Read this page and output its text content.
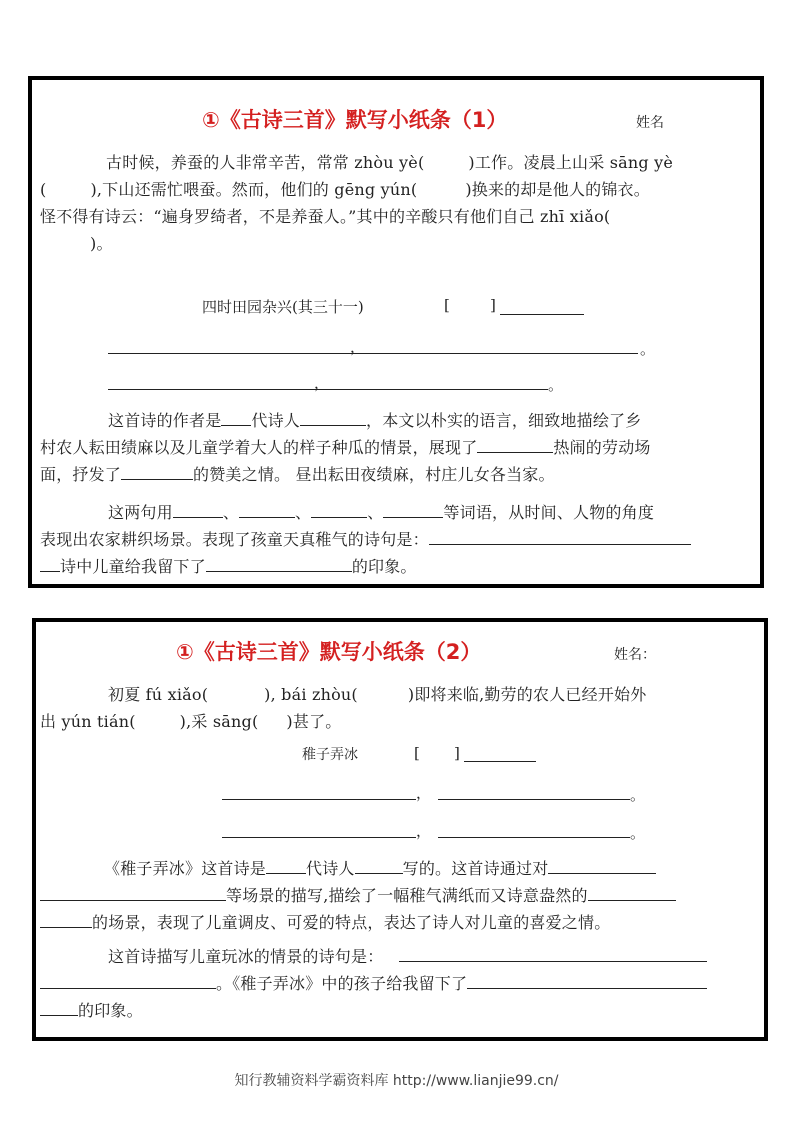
①《古诗三首》默写小纸条（1）	姓名
古时候，养蚕的人非常辛苦，常常 zhòu yè(	)工作。凌晨上山采 sāng yè
(	),下山还需忙喂蚕。然而，他们的 gēng yún(	)换来的却是他人的锦衣。
怪不得有诗云：“遍身罗绮者，不是养蚕人。”其中的辛酸只有他们自己 zhī xiǎo(
)。
四时田园杂兴(其三十一)	[	]
，	。
，	。
这首诗的作者是 代诗人	，本文以朴实的语言，细致地描绘了乡
村农人耘田绩麻以及儿童学着大人的样子种瓜的情景，展现了	热闹的劳动场
面，抒发了	的赞美之情。 昼出耘田夜绩麻，村庄儿女各当家。
这两句用	、	、	、	等词语，从时间、人物的角度
表现出农家耕织场景。表现了孩童天真稚气的诗句是：
诗中儿童给我留下了	的印象。
①《古诗三首》默写小纸条（2）	姓名：
初夏 fú xiǎo(	), bái zhòu(	)即将来临,勤劳的农人已经开始外
出 yún tián(	),采 sāng( )甚了。
稚子弄冰	[ ]
，	。
，	。
《稚子弄冰》这首诗是	代诗人	写的。这首诗通过对
等场景的描写,描绘了一幅稚气满纸而又诗意盎然的
的场景，表现了儿童调皮、可爱的特点，表达了诗人对儿童的喜爱之情。
这首诗描写儿童玩冰的情景的诗句是：
。《稚子弄冰》中的孩子给我留下了
的印象。
知行教辅资料学霸资料库 http://www.lianjie99.cn/
